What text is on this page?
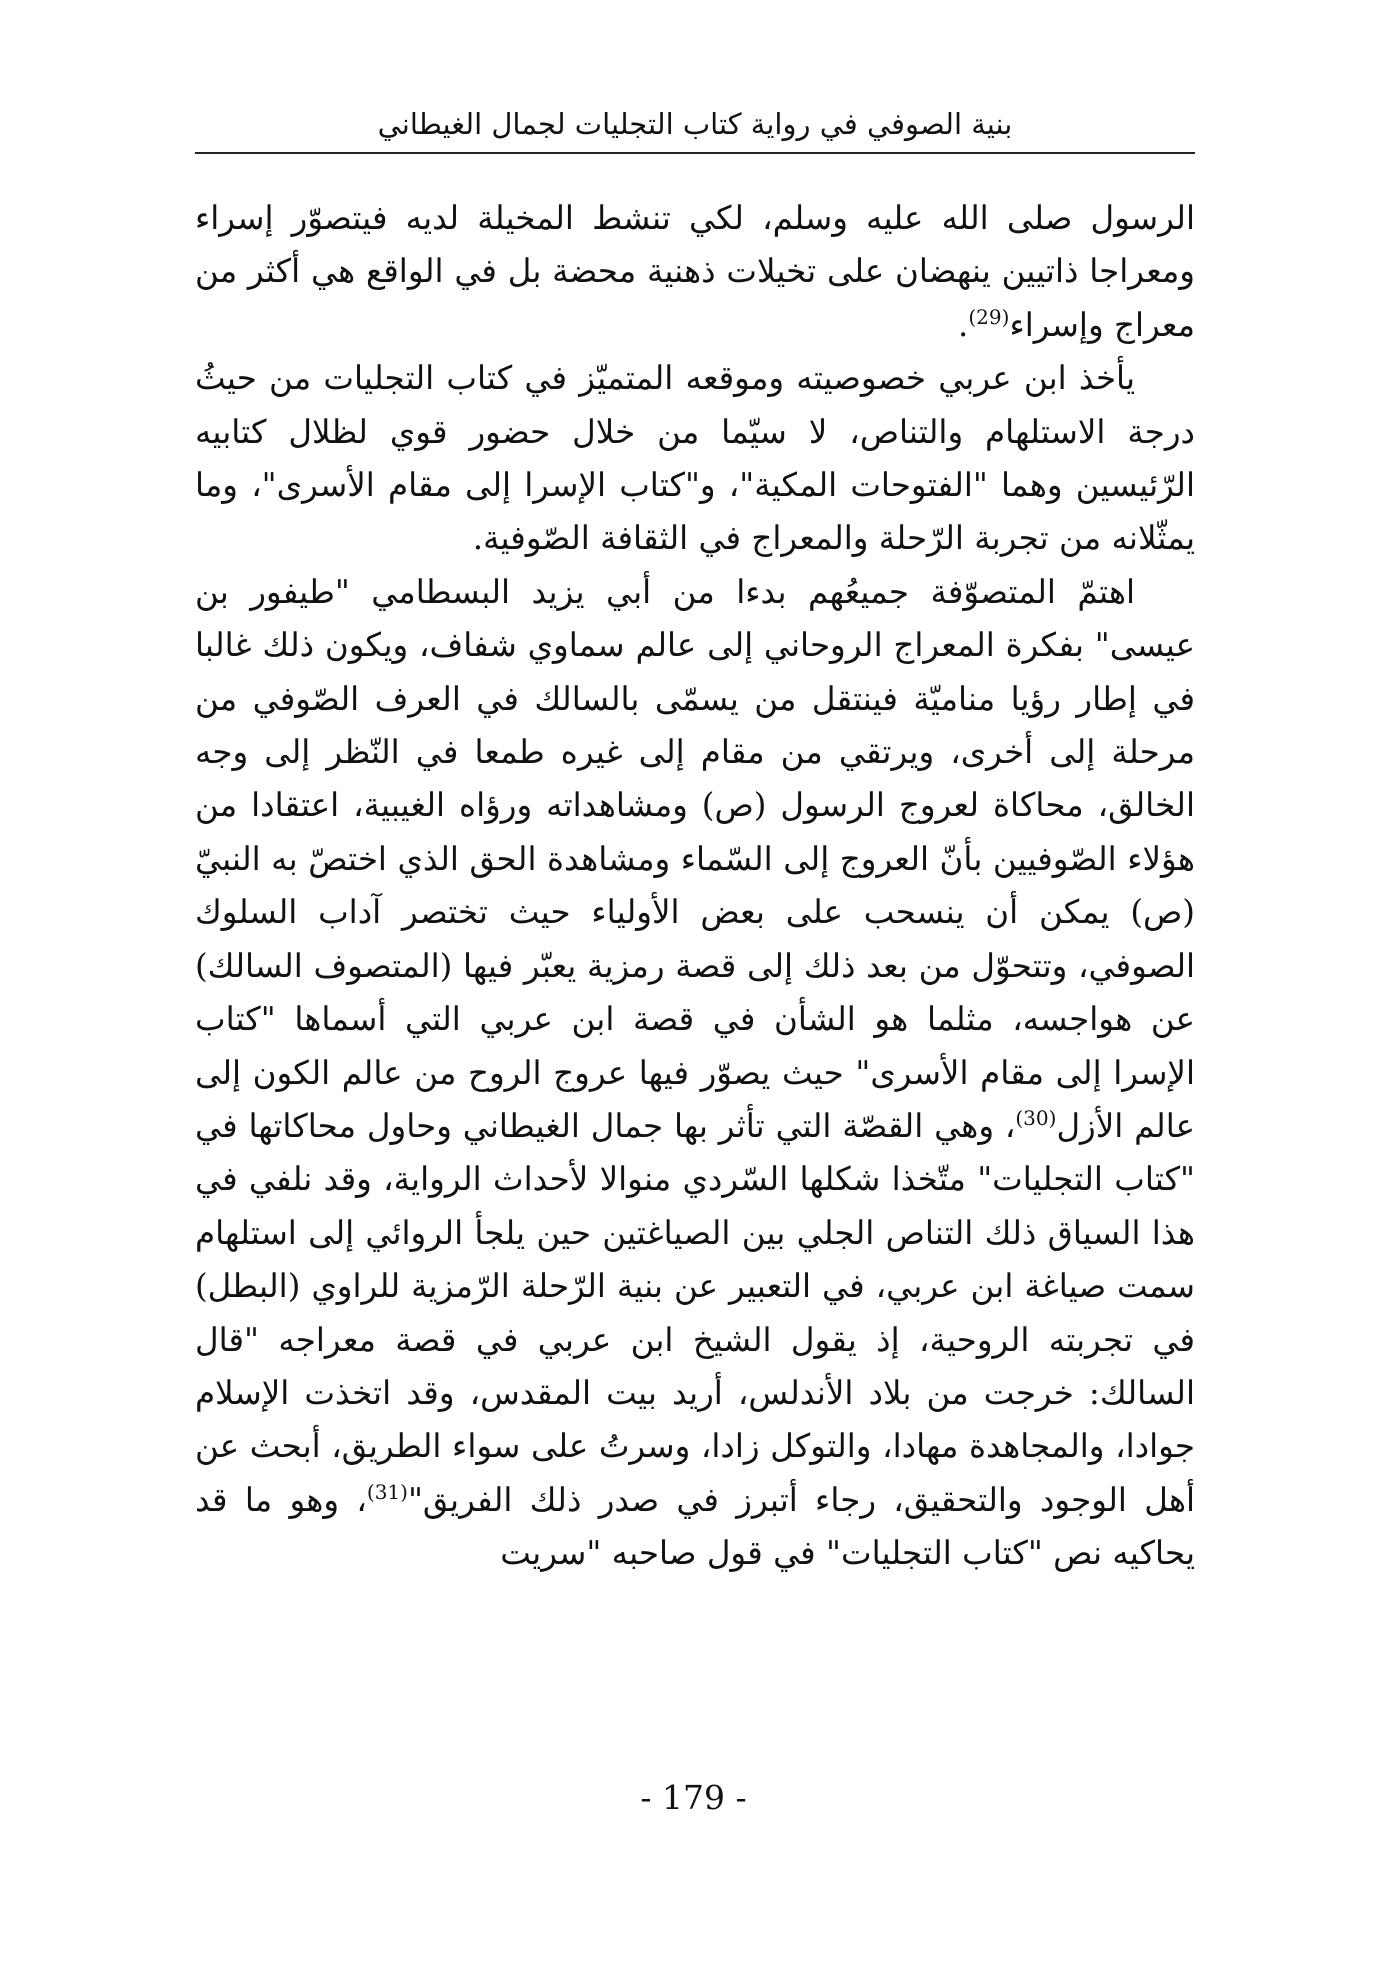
بنية الصوفي في رواية كتاب التجليات لجمال الغيطاني

الرسول صلى الله عليه وسلم، لكي تنشط المخيلة لديه فيتصوّر إسراء ومعراجا ذاتيين ينهضان على تخيلات ذهنية محضة بل في الواقع هي أكثر من معراج وإسراء$^{(29)}$.

يأخذ ابن عربي خصوصيته وموقعه المتميّز في كتاب التجليات من حيثُ درجة الاستلهام والتناص، لا سيّما من خلال حضور قوي لظلال كتابيه الرّئيسين وهما "الفتوحات المكية"، و"كتاب الإسرا إلى مقام الأسرى"، وما يمثّلانه من تجربة الرّحلة والمعراج في الثقافة الصّوفية.

اهتمّ المتصوّفة جميعُهم بدءا من أبي يزيد البسطامي "طيفور بن عيسى" بفكرة المعراج الروحاني إلى عالم سماوي شفاف، ويكون ذلك غالبا في إطار رؤيا مناميّة فينتقل من يسمّى بالسالك في العرف الصّوفي من مرحلة إلى أخرى، ويرتقي من مقام إلى غيره طمعا في النّظر إلى وجه الخالق، محاكاة لعروج الرسول (ص) ومشاهداته ورؤاه الغيبية، اعتقادا من هؤلاء الصّوفيين بأنّ العروج إلى السّماء ومشاهدة الحق الذي اختصّ به النبيّ (ص) يمكن أن ينسحب على بعض الأولياء حيث تختصر آداب السلوك الصوفي، وتتحوّل من بعد ذلك إلى قصة رمزية يعبّر فيها (المتصوف السالك) عن هواجسه، مثلما هو الشأن في قصة ابن عربي التي أسماها "كتاب الإسرا إلى مقام الأسرى" حيث يصوّر فيها عروج الروح من عالم الكون إلى عالم الأزل$^{(30)}$، وهي القصّة التي تأثر بها جمال الغيطاني وحاول محاكاتها في "كتاب التجليات" متّخذا شكلها السّردي منوالا لأحداث الرواية، وقد نلفي في هذا السياق ذلك التناص الجلي بين الصياغتين حين يلجأ الروائي إلى استلهام سمت صياغة ابن عربي، في التعبير عن بنية الرّحلة الرّمزية للراوي (البطل) في تجربته الروحية، إذ يقول الشيخ ابن عربي في قصة معراجه "قال السالك: خرجت من بلاد الأندلس، أريد بيت المقدس، وقد اتخذت الإسلام جوادا، والمجاهدة مهادا، والتوكل زادا، وسرتُ على سواء الطريق، أبحث عن أهل الوجود والتحقيق، رجاء أتبرز في صدر ذلك الفريق"$^{(31)}$، وهو ما قد يحاكيه نص "كتاب التجليات" في قول صاحبه "سريت

- 179 -
